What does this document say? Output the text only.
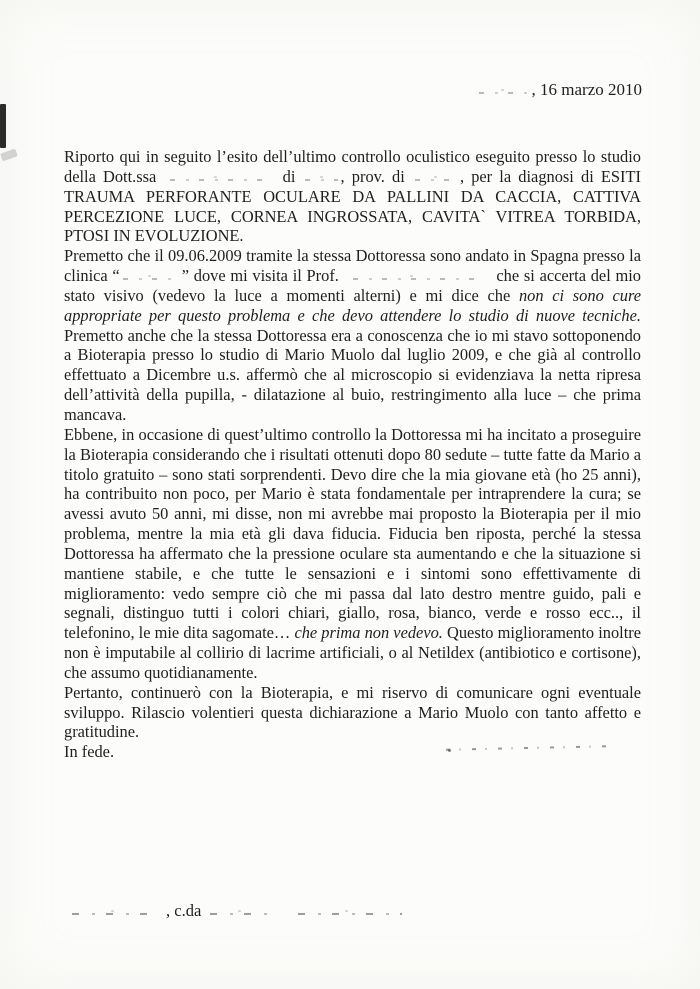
, 16 marzo 2010

Riporto qui in seguito l’esito dell’ultimo controllo oculistico eseguito presso lo studio della Dott.ssa	di , prov. di	, per la diagnosi di ESITI TRAUMA PERFORANTE OCULARE DA PALLINI DA CACCIA, CATTIVA PERCEZIONE LUCE, CORNEA INGROSSATA, CAVITA` VITREA TORBIDA, PTOSI IN EVOLUZIONE.

Premetto che il 09.06.2009 tramite la stessa Dottoressa sono andato in Spagna presso la clinica “	” dove mi visita il Prof.	che si accerta del mio stato visivo (vedevo la luce a momenti alterni) e mi dice che non ci sono cure appropriate per questo problema e che devo attendere lo studio di nuove tecniche. Premetto anche che la stessa Dottoressa era a conoscenza che io mi stavo sottoponendo a Bioterapia presso lo studio di Mario Muolo dal luglio 2009, e che già al controllo effettuato a Dicembre u.s. affermò che al microscopio si evidenziava la netta ripresa dell’attività della pupilla, - dilatazione al buio, restringimento alla luce – che prima mancava.

Ebbene, in occasione di quest’ultimo controllo la Dottoressa mi ha incitato a proseguire la Bioterapia considerando che i risultati ottenuti dopo 80 sedute – tutte fatte da Mario a titolo gratuito – sono stati sorprendenti. Devo dire che la mia giovane età (ho 25 anni), ha contribuito non poco, per Mario è stata fondamentale per intraprendere la cura; se avessi avuto 50 anni, mi disse, non mi avrebbe mai proposto la Bioterapia per il mio problema, mentre la mia età gli dava fiducia. Fiducia ben riposta, perché la stessa Dottoressa ha affermato che la pressione oculare sta aumentando e che la situazione si mantiene stabile, e che tutte le sensazioni e i sintomi sono effettivamente di miglioramento: vedo sempre ciò che mi passa dal lato destro mentre guido, pali e segnali, distinguo tutti i colori chiari, giallo, rosa, bianco, verde e rosso ecc.., il telefonino, le mie dita sagomate… che prima non vedevo. Questo miglioramento inoltre non è imputabile al collirio di lacrime artificiali, o al Netildex (antibiotico e cortisone), che assumo quotidianamente.

Pertanto, continuerò con la Bioterapia, e mi riservo di comunicare ogni eventuale sviluppo. Rilascio volentieri questa dichiarazione a Mario Muolo con tanto affetto e gratitudine.

In fede.

, c.da
